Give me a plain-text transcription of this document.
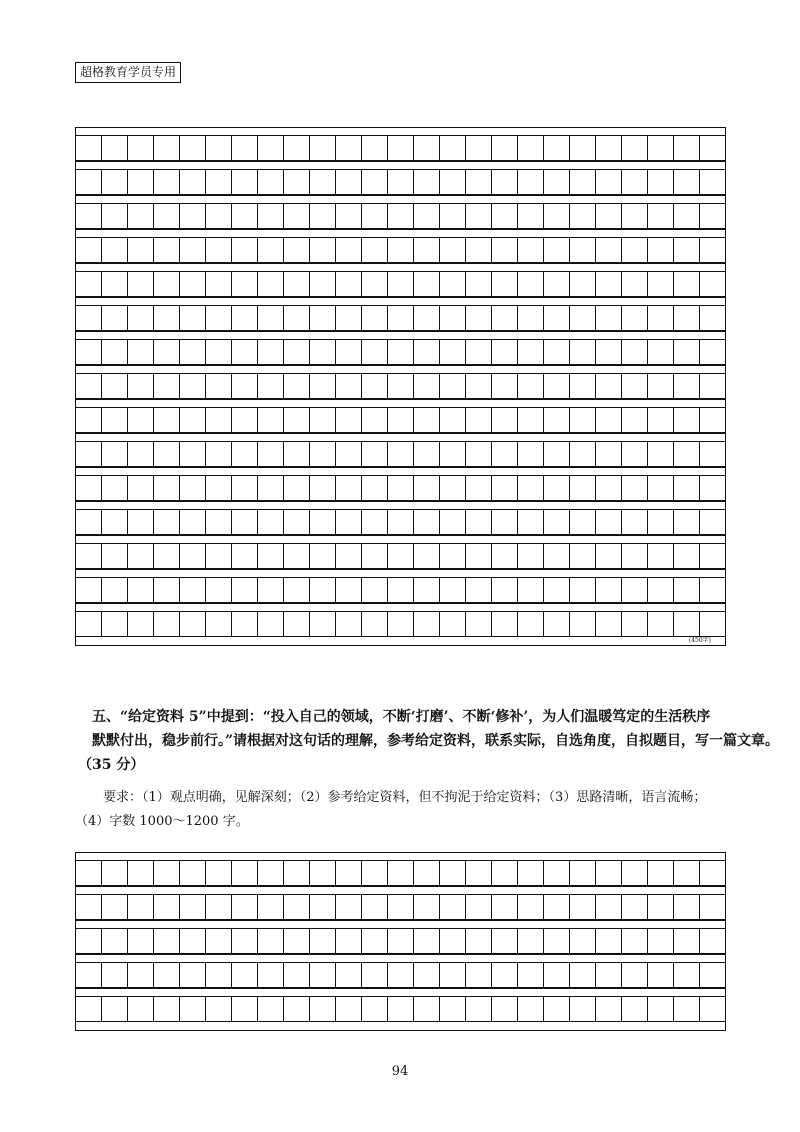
超格教育学员专用
(450字)
五、“给定资料 5”中提到：“投入自己的领域，不断‘打磨’、不断‘修补’，为人们温暖笃定的生活秩序
默默付出，稳步前行。”请根据对这句话的理解，参考给定资料，联系实际，自选角度，自拟题目，写一篇文章。
（35 分）
要求：（1）观点明确，见解深刻；（2）参考给定资料，但不拘泥于给定资料；（3）思路清晰，语言流畅；
（4）字数 1000～1200 字。
94
